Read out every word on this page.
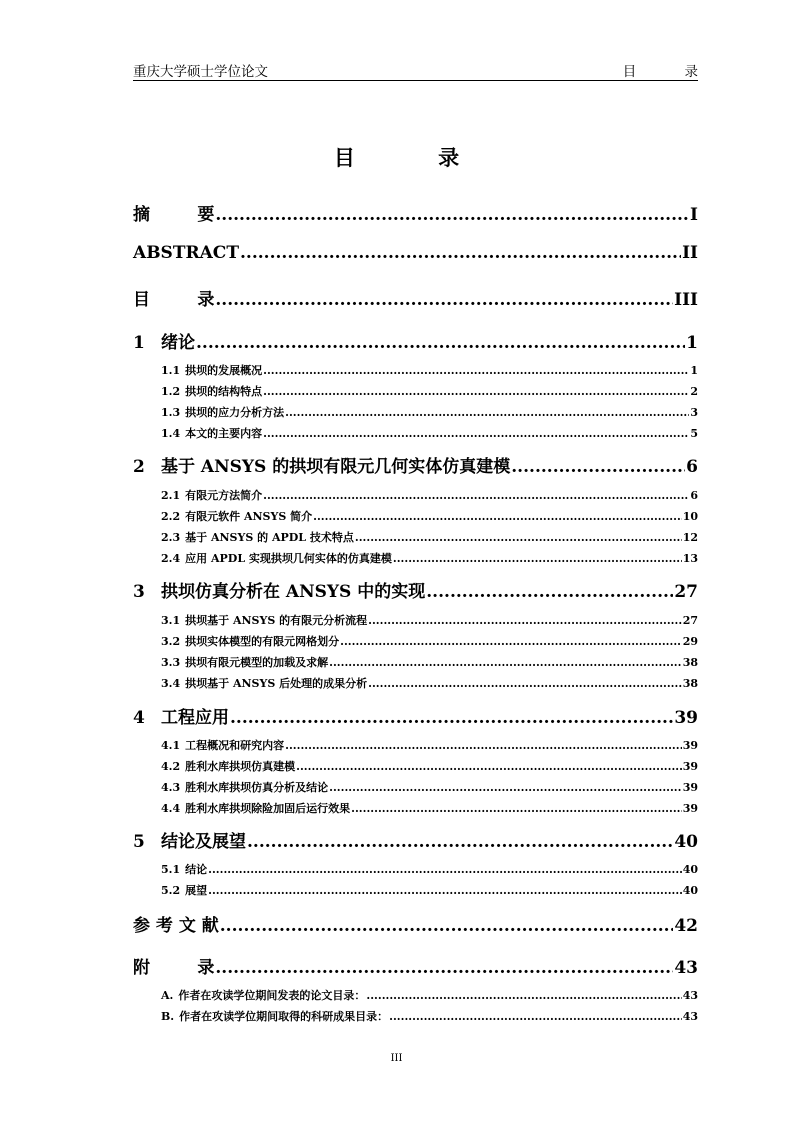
重庆大学硕士学位论文	目 录
目 录
摘        要 .....	I
ABSTRACT .....	II
目        录 .....	III
1 绪论 .....	1
1.1 拱坝的发展概况 .....	1
1.2 拱坝的结构特点 .....	2
1.3 拱坝的应力分析方法 .....	3
1.4 本文的主要内容 .....	5
2 基于 ANSYS 的拱坝有限元几何实体仿真建模 .....	6
2.1 有限元方法简介 .....	6
2.2 有限元软件 ANSYS 简介 .....	10
2.3 基于 ANSYS 的 APDL 技术特点 .....	12
2.4 应用 APDL 实现拱坝几何实体的仿真建模 .....	13
3 拱坝仿真分析在 ANSYS 中的实现 .....	27
3.1 拱坝基于 ANSYS 的有限元分析流程 .....	27
3.2 拱坝实体模型的有限元网格划分 .....	29
3.3 拱坝有限元模型的加载及求解 .....	38
3.4 拱坝基于 ANSYS 后处理的成果分析 .....	38
4 工程应用 .....	39
4.1 工程概况和研究内容 .....	39
4.2 胜利水库拱坝仿真建模 .....	39
4.3 胜利水库拱坝仿真分析及结论 .....	39
4.4 胜利水库拱坝除险加固后运行效果 .....	39
5 结论及展望 .....	40
5.1 结论 .....	40
5.2 展望 .....	40
参 考 文 献 .....	42
附        录 .....	43
A. 作者在攻读学位期间发表的论文目录： .....	43
B. 作者在攻读学位期间取得的科研成果目录： .....	43
III
